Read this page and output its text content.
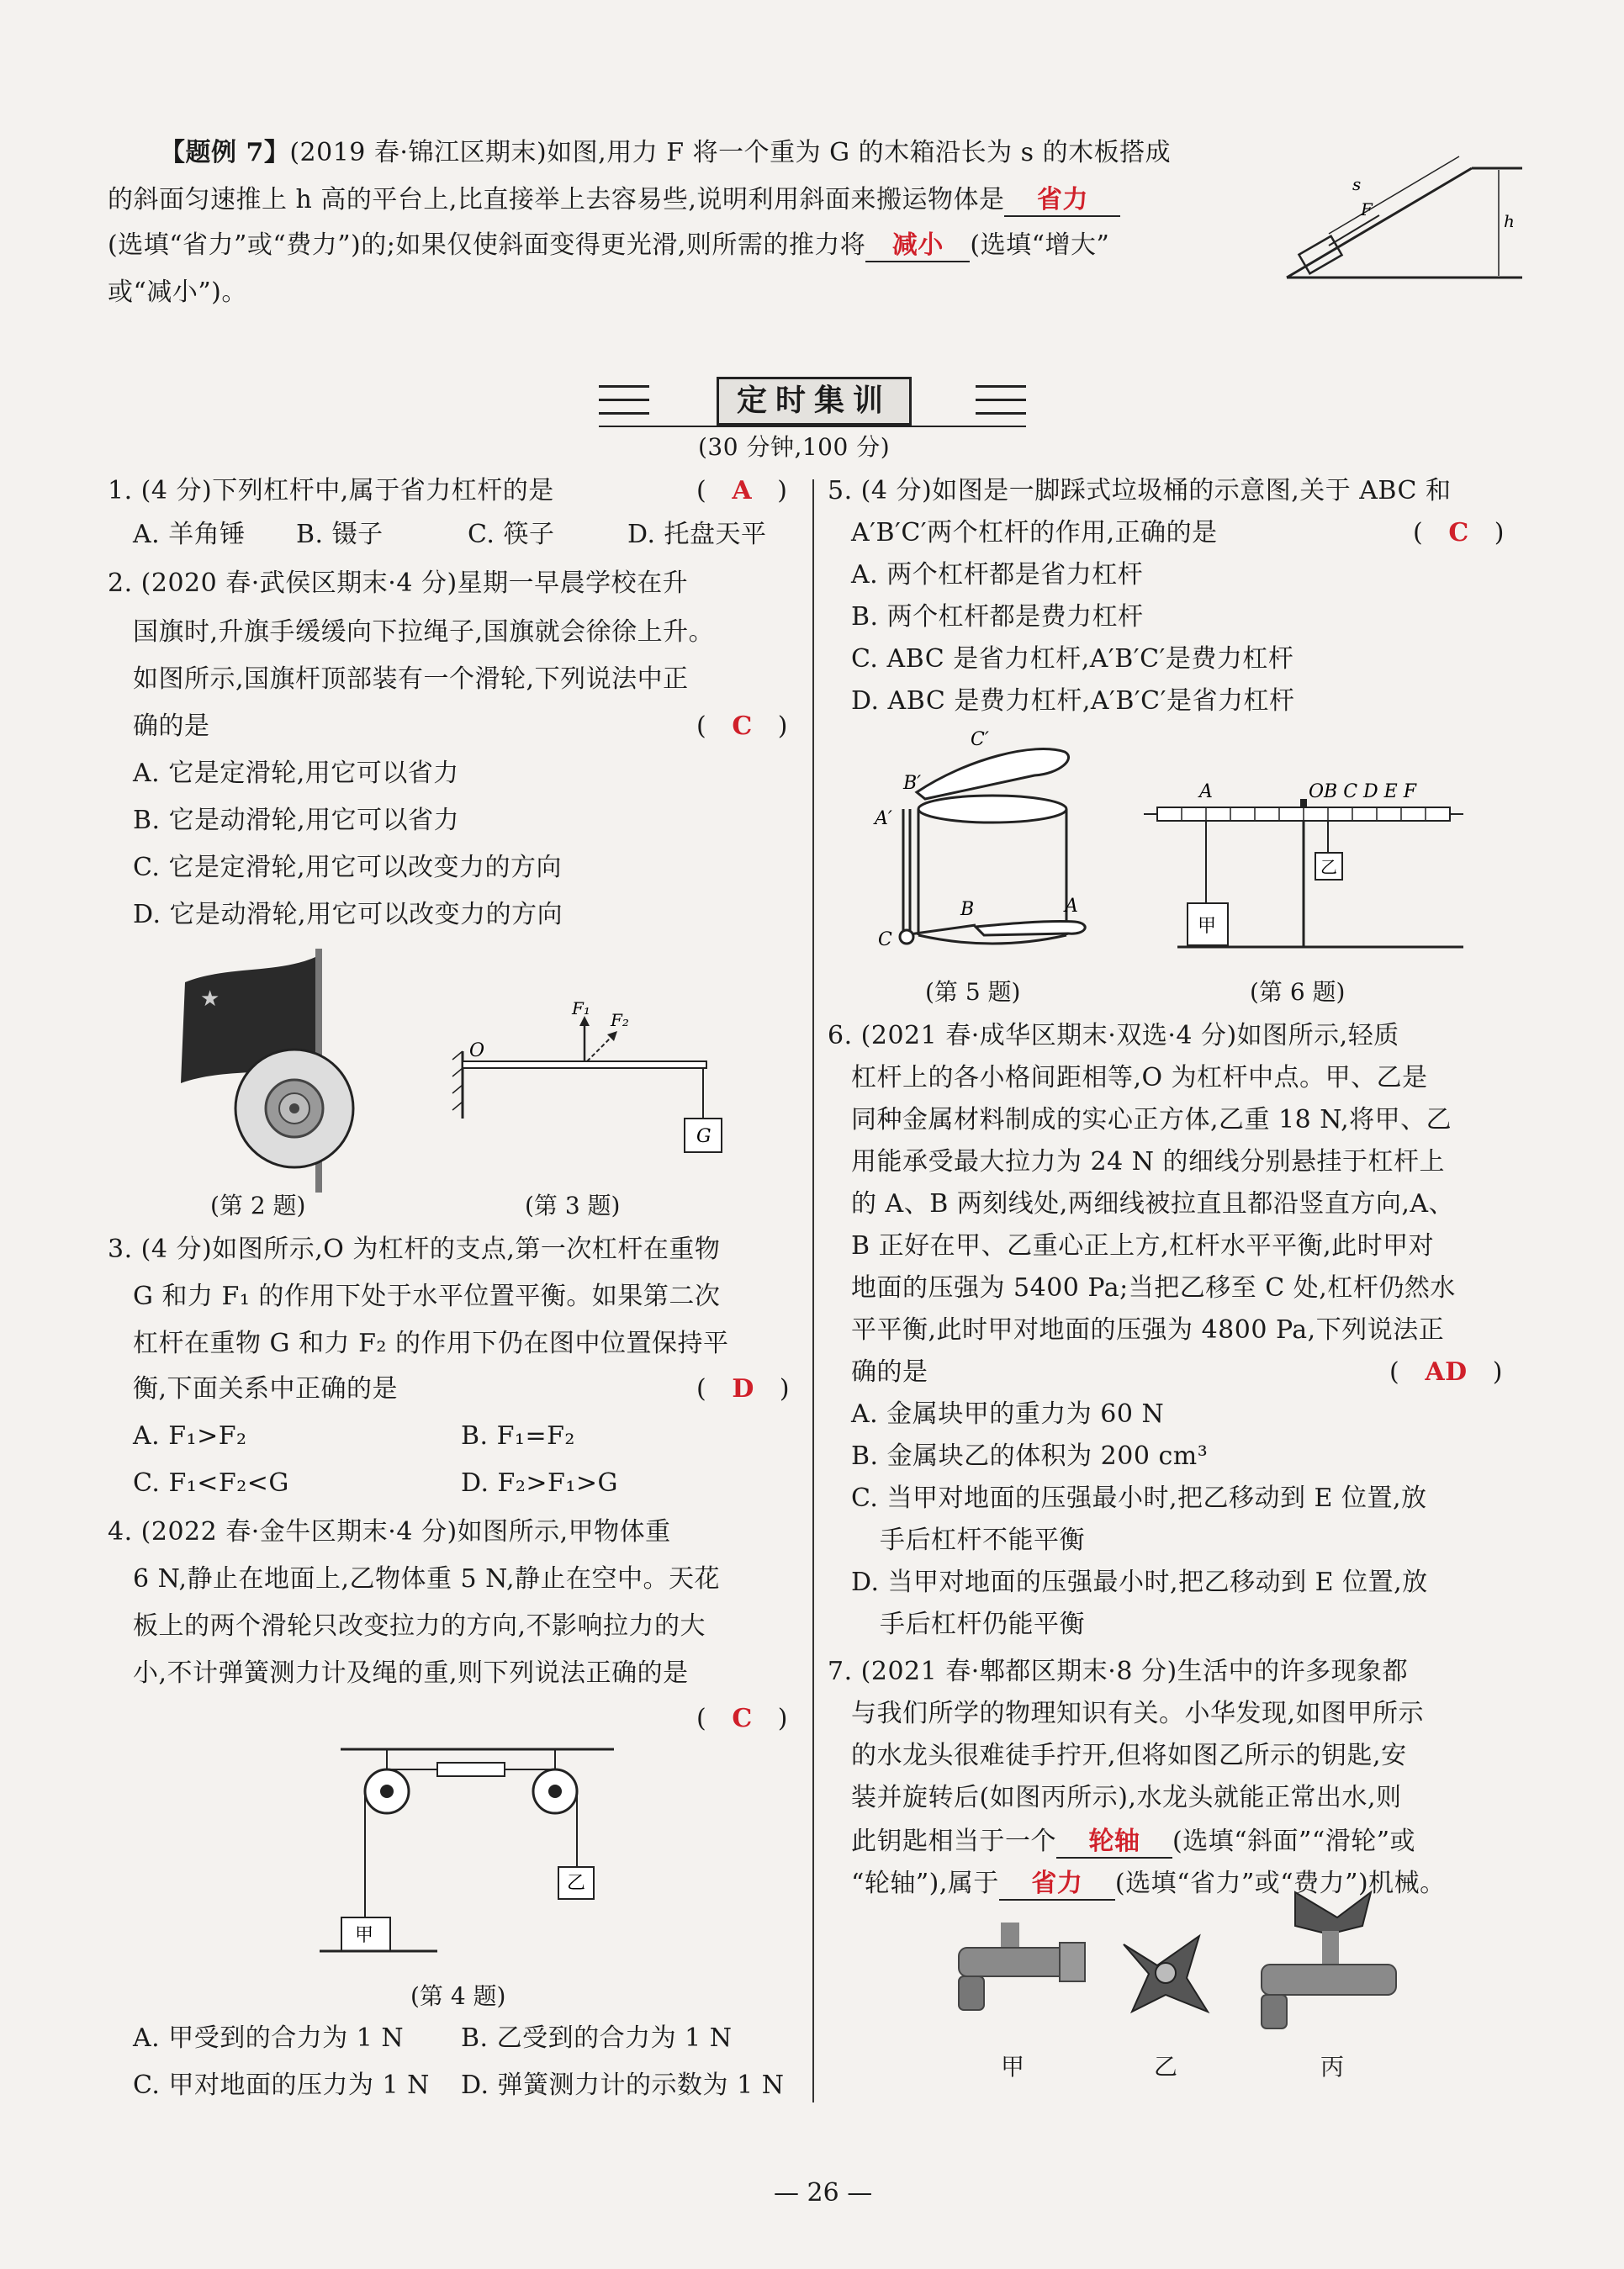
【题例 7】(2019 春·锦江区期末)如图,用力 F 将一个重为 G 的木箱沿长为 s 的木板搭成
的斜面匀速推上 h 高的平台上,比直接举上去容易些,说明利用斜面来搬运物体是 省力
(选填“省力”或“费力”)的;如果仅使斜面变得更光滑,则所需的推力将 减小 (选填“增大”
或“减小”)。
s
F
h
定时集训
(30 分钟,100 分)
1. (4 分)下列杠杆中,属于省力杠杆的是	(   A   )
A. 羊角锤 B. 镊子	C. 筷子	D. 托盘天平
2. (2020 春·武侯区期末·4 分)星期一早晨学校在升
国旗时,升旗手缓缓向下拉绳子,国旗就会徐徐上升。
如图所示,国旗杆顶部装有一个滑轮,下列说法中正
确的是	(   C   )
A. 它是定滑轮,用它可以省力
B. 它是动滑轮,用它可以省力
C. 它是定滑轮,用它可以改变力的方向
D. 它是动滑轮,用它可以改变力的方向
★
(第 2 题)
O
F₁
F₂
G
(第 3 题)
3. (4 分)如图所示,O 为杠杆的支点,第一次杠杆在重物
G 和力 F₁ 的作用下处于水平位置平衡。如果第二次
杠杆在重物 G 和力 F₂ 的作用下仍在图中位置保持平
衡,下面关系中正确的是	(   D   )
A. F₁>F₂	B. F₁=F₂
C. F₁<F₂<G	D. F₂>F₁>G
4. (2022 春·金牛区期末·4 分)如图所示,甲物体重
6 N,静止在地面上,乙物体重 5 N,静止在空中。天花
板上的两个滑轮只改变拉力的方向,不影响拉力的大
小,不计弹簧测力计及绳的重,则下列说法正确的是
(   C   )
甲
乙
(第 4 题)
A. 甲受到的合力为 1 N B. 乙受到的合力为 1 N
C. 甲对地面的压力为 1 N D. 弹簧测力计的示数为 1 N
5. (4 分)如图是一脚踩式垃圾桶的示意图,关于 ABC 和
A′B′C′两个杠杆的作用,正确的是	(   C   )
A. 两个杠杆都是省力杠杆
B. 两个杠杆都是费力杠杆
C. ABC 是省力杠杆,A′B′C′是费力杠杆
D. ABC 是费力杠杆,A′B′C′是省力杠杆
C′
B′
A′
B	A
C
(第 5 题)
A	OB C D E F
甲
乙
(第 6 题)
6. (2021 春·成华区期末·双选·4 分)如图所示,轻质
杠杆上的各小格间距相等,O 为杠杆中点。甲、乙是
同种金属材料制成的实心正方体,乙重 18 N,将甲、乙
用能承受最大拉力为 24 N 的细线分别悬挂于杠杆上
的 A、B 两刻线处,两细线被拉直且都沿竖直方向,A、
B 正好在甲、乙重心正上方,杠杆水平平衡,此时甲对
地面的压强为 5400 Pa;当把乙移至 C 处,杠杆仍然水
平平衡,此时甲对地面的压强为 4800 Pa,下列说法正
确的是	(   AD   )
A. 金属块甲的重力为 60 N
B. 金属块乙的体积为 200 cm³
C. 当甲对地面的压强最小时,把乙移动到 E 位置,放
手后杠杆不能平衡
D. 当甲对地面的压强最小时,把乙移动到 E 位置,放
手后杠杆仍能平衡
7. (2021 春·郫都区期末·8 分)生活中的许多现象都
与我们所学的物理知识有关。小华发现,如图甲所示
的水龙头很难徒手拧开,但将如图乙所示的钥匙,安
装并旋转后(如图丙所示),水龙头就能正常出水,则
此钥匙相当于一个 轮轴 (选填“斜面”“滑轮”或
“轮轴”),属于 省力 (选填“省力”或“费力”)机械。
甲	乙	丙
— 26 —
